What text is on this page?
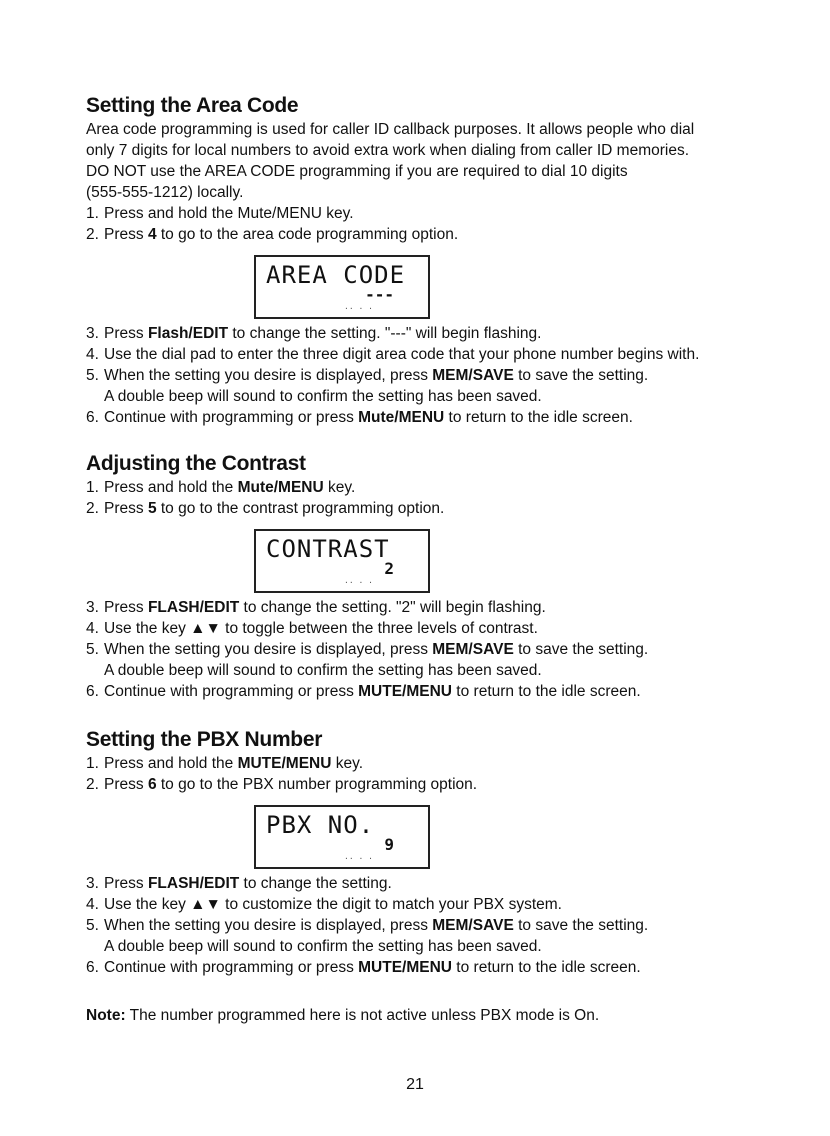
Setting the Area Code

Area code programming is used for caller ID callback purposes. It allows people who dial

only 7 digits for local numbers to avoid extra work when dialing from caller ID memories.

DO NOT use the AREA CODE programming if you are required to dial 10 digits

(555-555-1212) locally.

1. Press and hold the Mute/MENU key.
2. Press 4 to go to the area code programming option.
AREA CODE
---
·· · ·
3. Press Flash/EDIT to change the setting. "---" will begin flashing.
4. Use the dial pad to enter the three digit area code that your phone number begins with.
5. When the setting you desire is displayed, press MEM/SAVE to save the setting.
A double beep will sound to confirm the setting has been saved.
6. Continue with programming or press Mute/MENU to return to the idle screen.
Adjusting the Contrast
1. Press and hold the Mute/MENU key.
2. Press 5 to go to the contrast programming option.
CONTRAST
2
·· · ·
3. Press FLASH/EDIT to change the setting. "2" will begin flashing.
4. Use the key ▲▼ to toggle between the three levels of contrast.
5. When the setting you desire is displayed, press MEM/SAVE to save the setting.
A double beep will sound to confirm the setting has been saved.
6. Continue with programming or press MUTE/MENU to return to the idle screen.
Setting the PBX Number
1. Press and hold the MUTE/MENU key.
2. Press 6 to go to the PBX number programming option.
PBX NO.
9
·· · ·
3. Press FLASH/EDIT to change the setting.
4. Use the key ▲▼ to customize the digit to match your PBX system.
5. When the setting you desire is displayed, press MEM/SAVE to save the setting.
A double beep will sound to confirm the setting has been saved.
6. Continue with programming or press MUTE/MENU to return to the idle screen.

Note: The number programmed here is not active unless PBX mode is On.

21
